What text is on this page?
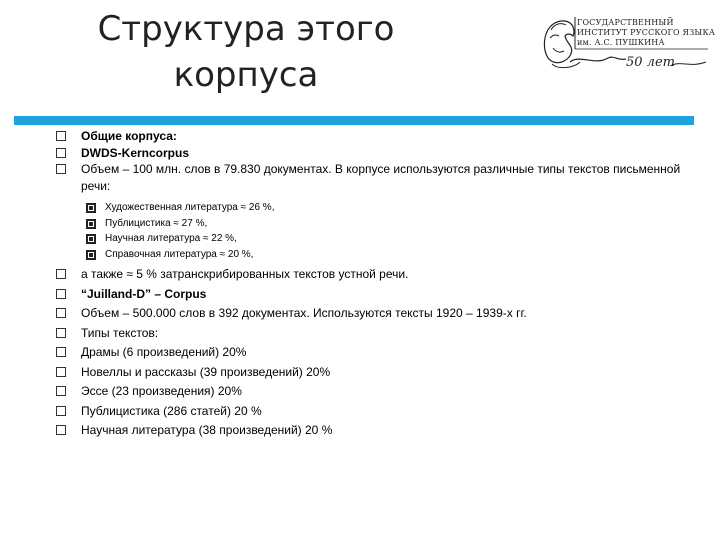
Структура этого
корпуса
ГОСУДАРСТВЕННЫЙ
ИНСТИТУТ РУССКОГО ЯЗЫКА
им. А.С. ПУШКИНА
50 лет
Общие корпуса:
DWDS-Kerncorpus
Объем – 100 млн. слов в 79.830 документах. В корпусе используются различные типы текстов письменной речи:
Художественная литература ≈ 26 %,
Публицистика ≈ 27 %,
Научная литература ≈ 22 %,
Справочная литература ≈ 20 %,
а также ≈ 5 % затранскрибированных текстов устной речи.
“Juilland-D” – Corpus
Объем – 500.000 слов в 392 документах. Используются тексты 1920 – 1939-х гг.
Типы текстов:
Драмы (6 произведений) 20%
Новеллы и рассказы (39 произведений) 20%
Эссе (23 произведения) 20%
Публицистика (286 статей) 20 %
Научная литература (38 произведений) 20 %
